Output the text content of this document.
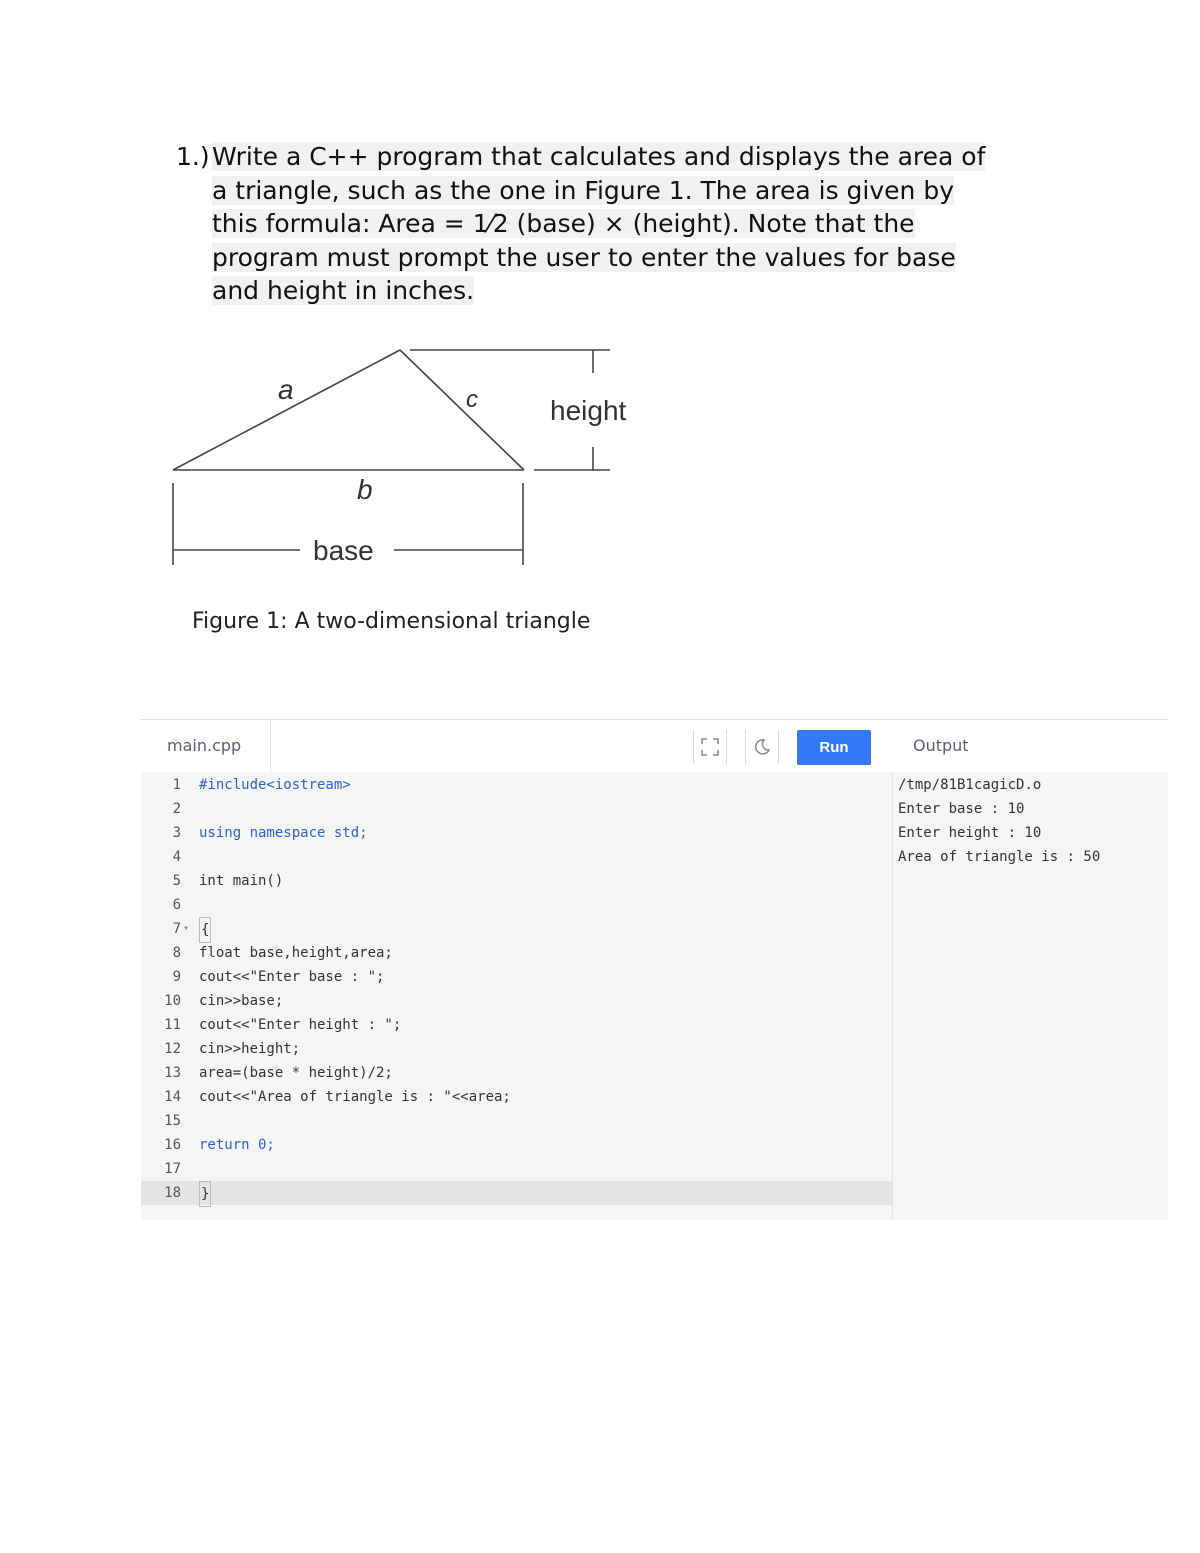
1.)Write a C++ program that calculates and displays the area of
a triangle, such as the one in Figure 1. The area is given by
this formula: Area = 1⁄2 (base) × (height). Note that the
program must prompt the user to enter the values for base
and height in inches.
a	c	height
b
base
Figure 1: A two-dimensional triangle
main.cpp	Run
1 #include<iostream>
2
3 using namespace std;
4
5 int main()
6
7 ▾ {
8 float base,height,area;
9 cout<<"Enter base : ";
10 cin>>base;
11 cout<<"Enter height : ";
12 cin>>height;
13 area=(base * height)/2;
14 cout<<"Area of triangle is : "<<area;
15
16 return 0;
17
18 }
Output
/tmp/81B1cagicD.o
Enter base : 10
Enter height : 10
Area of triangle is : 50
